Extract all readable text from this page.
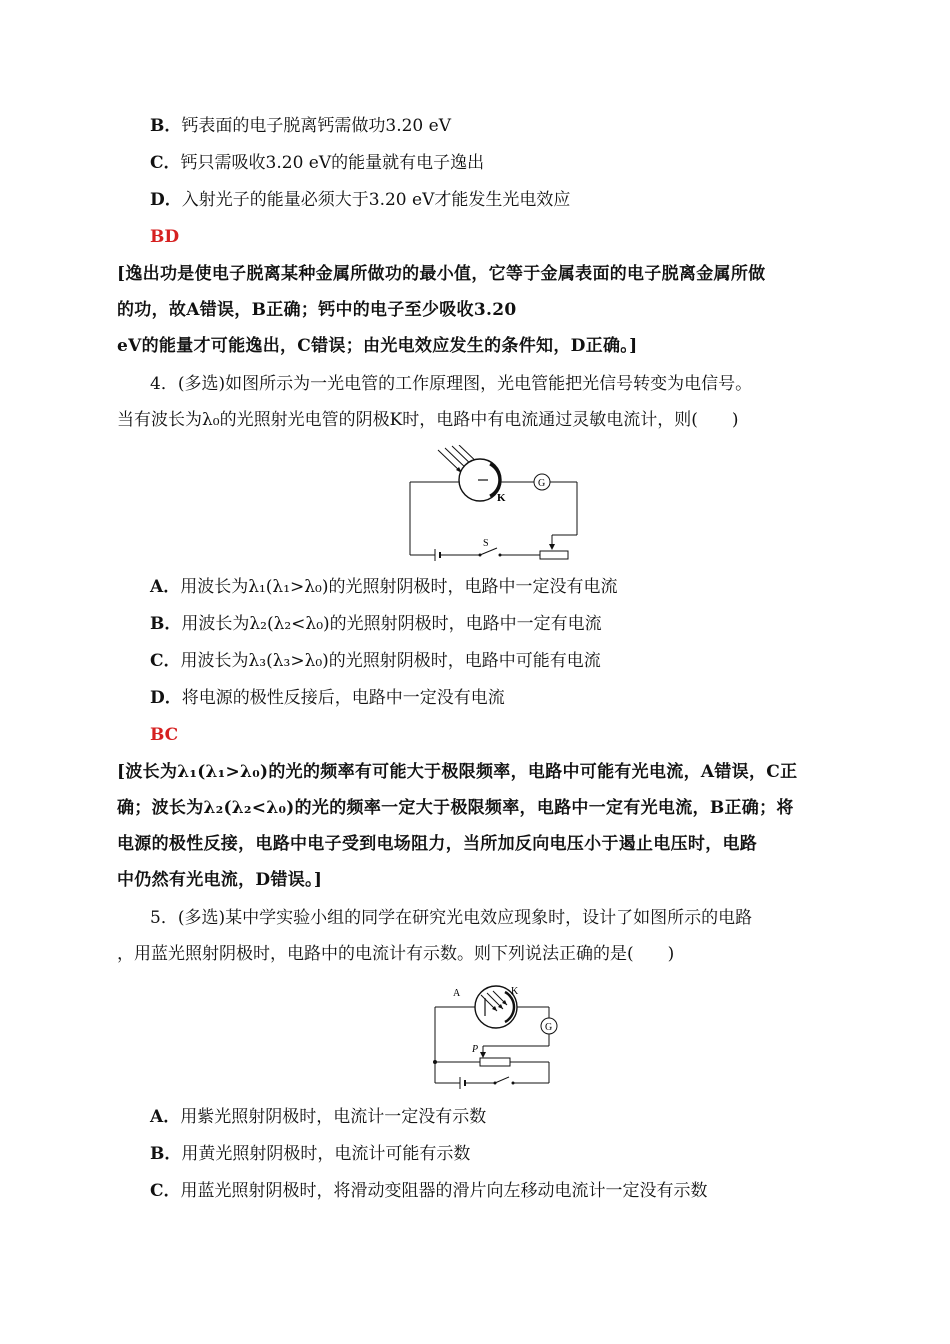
B．钙表面的电子脱离钙需做功3.20 eV
C．钙只需吸收3.20 eV的能量就有电子逸出
D．入射光子的能量必须大于3.20 eV才能发生光电效应
BD
[逸出功是使电子脱离某种金属所做功的最小值，它等于金属表面的电子脱离金属所做
的功，故A错误，B正确；钙中的电子至少吸收3.20
eV的能量才可能逸出，C错误；由光电效应发生的条件知，D正确。]
4．(多选)如图所示为一光电管的工作原理图，光电管能把光信号转变为电信号。
当有波长为λ₀的光照射光电管的阴极K时，电路中有电流通过灵敏电流计，则(　　)
K
G
S
A．用波长为λ₁(λ₁>λ₀)的光照射阴极时，电路中一定没有电流
B．用波长为λ₂(λ₂<λ₀)的光照射阴极时，电路中一定有电流
C．用波长为λ₃(λ₃>λ₀)的光照射阴极时，电路中可能有电流
D．将电源的极性反接后，电路中一定没有电流
BC
[波长为λ₁(λ₁>λ₀)的光的频率有可能大于极限频率，电路中可能有光电流，A错误，C正
确；波长为λ₂(λ₂<λ₀)的光的频率一定大于极限频率，电路中一定有光电流，B正确；将
电源的极性反接，电路中电子受到电场阻力，当所加反向电压小于遏止电压时，电路
中仍然有光电流，D错误。]
5．(多选)某中学实验小组的同学在研究光电效应现象时，设计了如图所示的电路
，用蓝光照射阴极时，电路中的电流计有示数。则下列说法正确的是(　　)
A	K
G
P
A．用紫光照射阴极时，电流计一定没有示数
B．用黄光照射阴极时，电流计可能有示数
C．用蓝光照射阴极时，将滑动变阻器的滑片向左移动电流计一定没有示数
